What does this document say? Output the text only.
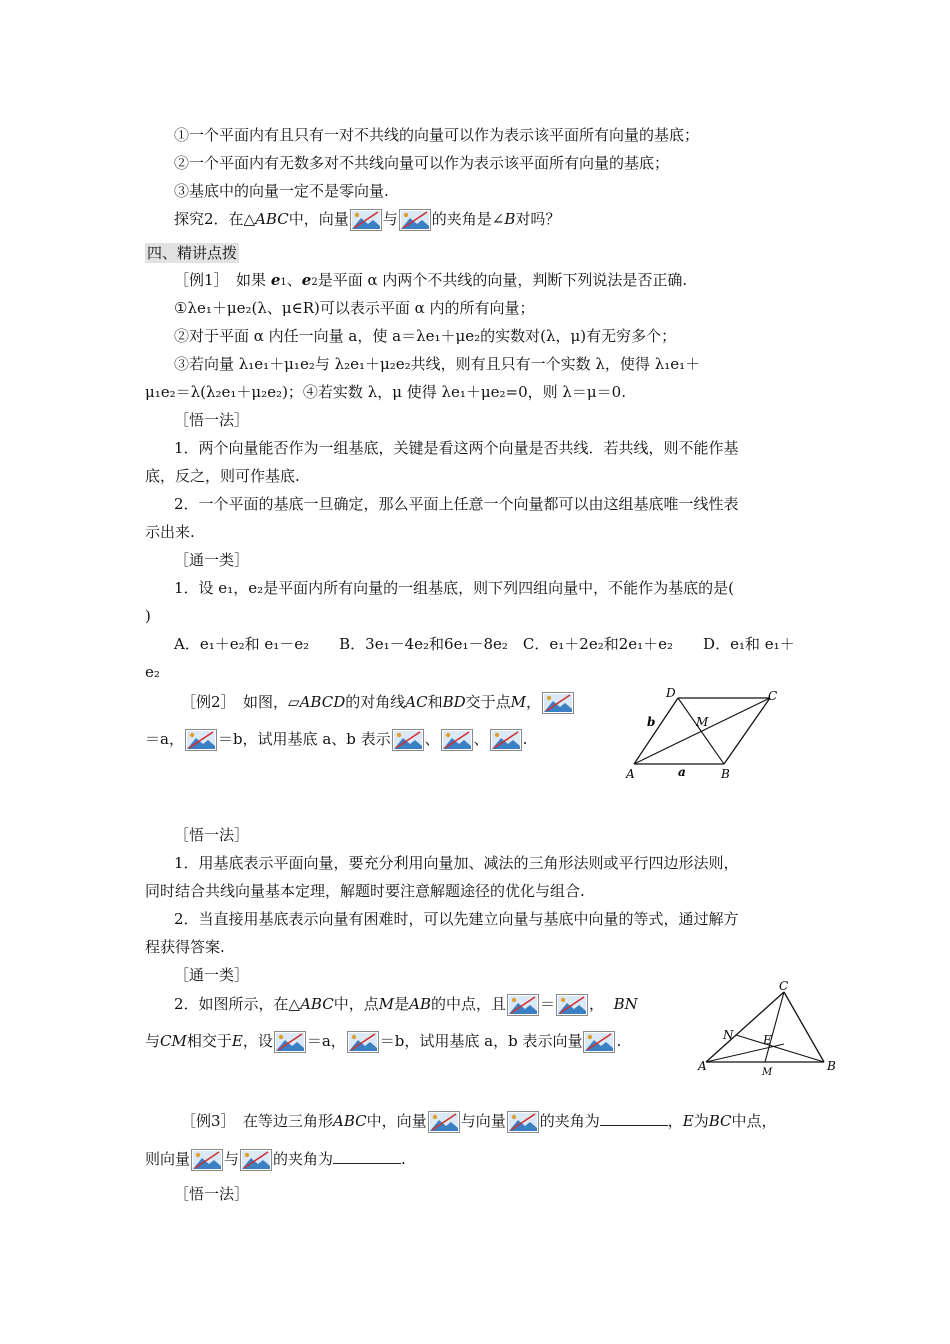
①一个平面内有且只有一对不共线的向量可以作为表示该平面所有向量的基底；
②一个平面内有无数多对不共线向量可以作为表示该平面所有向量的基底；
③基底中的向量一定不是零向量.
探究2．在△ABC中，向量 与 的夹角是∠B对吗？
四、精讲点拨
［例1］　如果 e1、e2是平面 α 内两个不共线的向量，判断下列说法是否正确.
①λe₁＋μe₂(λ、μ∈R)可以表示平面 α 内的所有向量；
②对于平面 α 内任一向量 a，使 a＝λe₁＋μe₂的实数对(λ，μ)有无穷多个；
③若向量 λ₁e₁＋μ₁e₂与 λ₂e₁＋μ₂e₂共线，则有且只有一个实数 λ，使得 λ₁e₁＋
μ₁e₂＝λ(λ₂e₁＋μ₂e₂)；④若实数 λ，μ 使得 λe₁＋μe₂=0，则 λ＝μ＝0.
［悟一法］
1．两个向量能否作为一组基底，关键是看这两个向量是否共线．若共线，则不能作基
底，反之，则可作基底.
2．一个平面的基底一旦确定，那么平面上任意一个向量都可以由这组基底唯一线性表
示出来.
［通一类］
1．设 e₁，e₂是平面内所有向量的一组基底，则下列四组向量中，不能作为基底的是(
)
A．e₁＋e₂和 e₁－e₂　　B．3e₁－4e₂和6e₁－8e₂　C．e₁＋2e₂和2e₁＋e₂　　D．e₁和 e₁＋
e₂
［例2］　如图，▱ABCD的对角线AC和BD交于点M，
＝a， ＝b，试用基底 a、b 表示 、 、 .
A	B
C
D
M
a
b
［悟一法］
1．用基底表示平面向量，要充分利用向量加、减法的三角形法则或平行四边形法则，
同时结合共线向量基本定理，解题时要注意解题途径的优化与组合.
2．当直接用基底表示向量有困难时，可以先建立向量与基底中向量的等式，通过解方
程获得答案.
［通一类］
2．如图所示，在△ABC中，点M是AB的中点，且 ＝ ， BN
与CM相交于E，设 ＝a， ＝b，试用基底 a，b 表示向量 .
A	B
C
N E
M
［例3］　在等边三角形ABC中，向量 与向量 的夹角为	，E为BC中点，
则向量 与 的夹角为	.
［悟一法］
